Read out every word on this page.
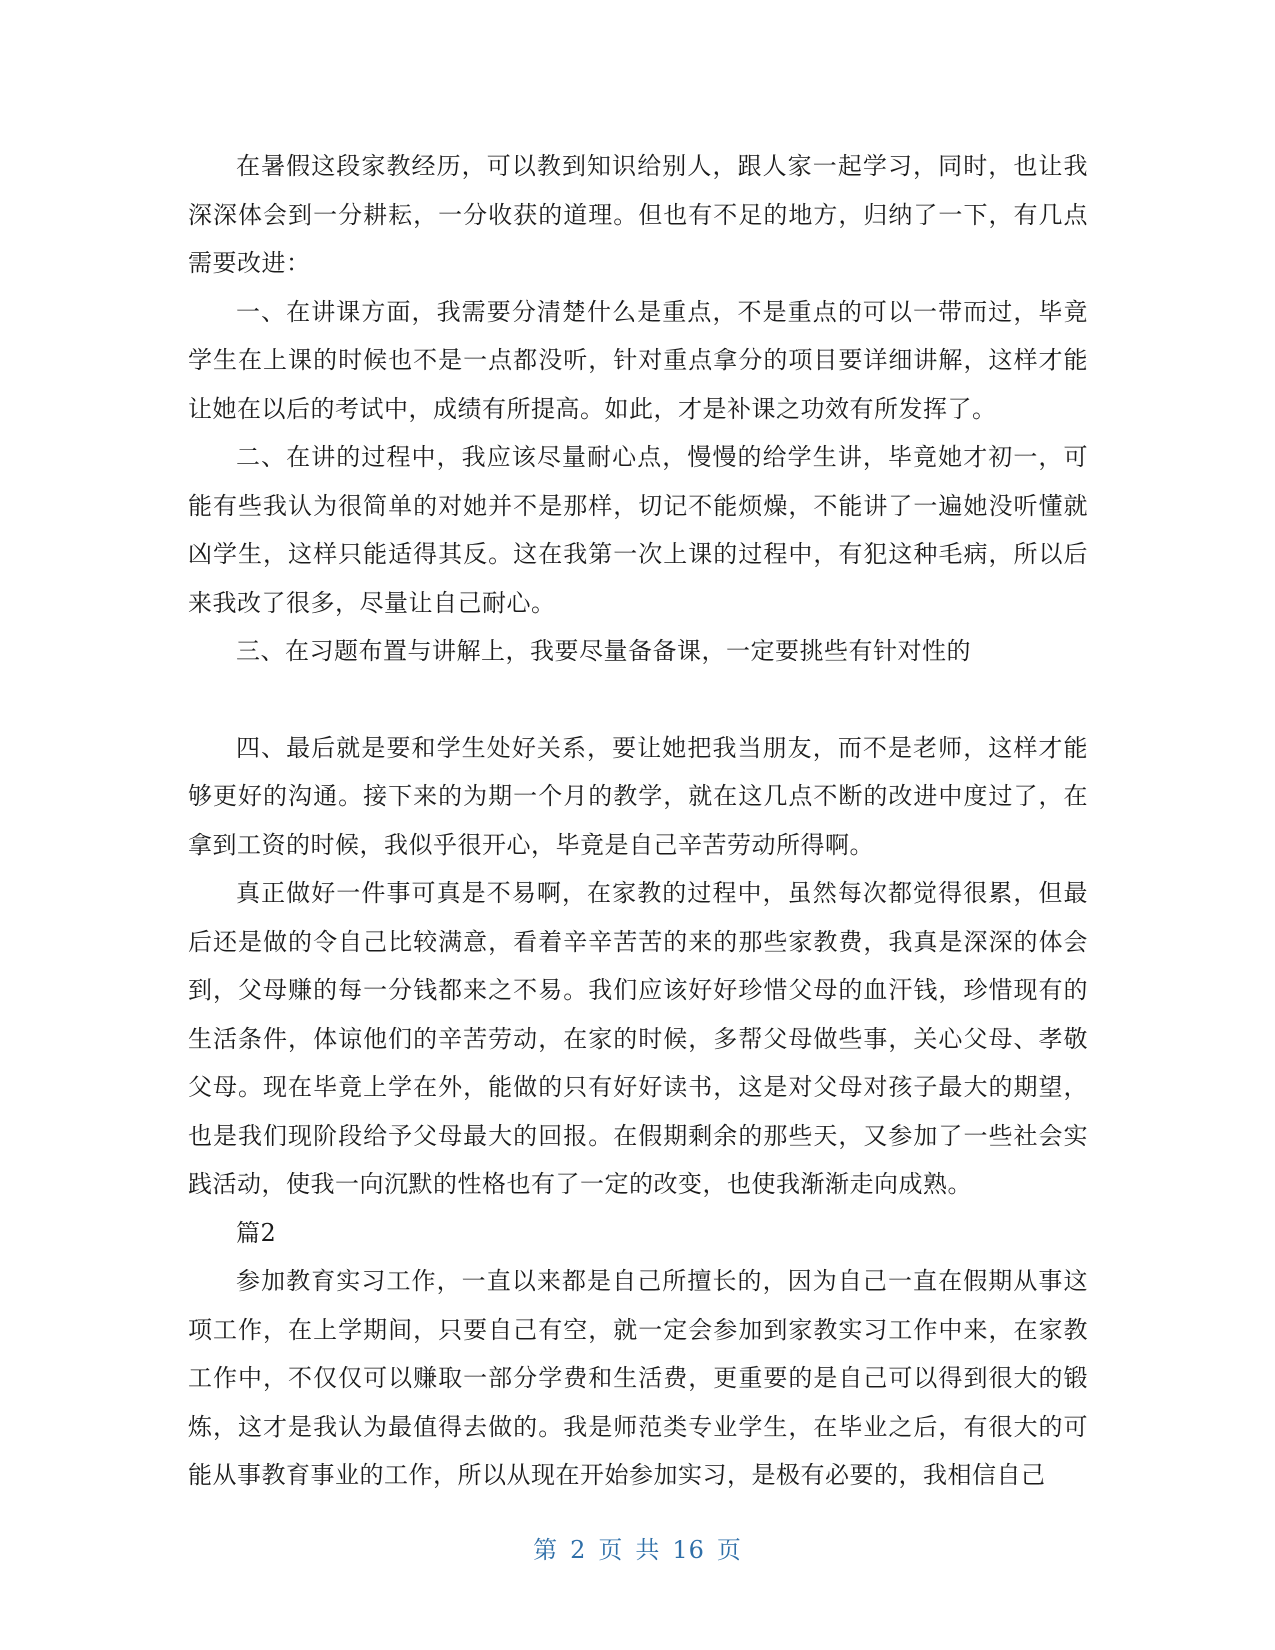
在暑假这段家教经历，可以教到知识给别人，跟人家一起学习，同时，也让我深深体会到一分耕耘，一分收获的道理。但也有不足的地方，归纳了一下，有几点需要改进：

一、在讲课方面，我需要分清楚什么是重点，不是重点的可以一带而过，毕竟学生在上课的时候也不是一点都没听，针对重点拿分的项目要详细讲解，这样才能让她在以后的考试中，成绩有所提高。如此，才是补课之功效有所发挥了。

二、在讲的过程中，我应该尽量耐心点，慢慢的给学生讲，毕竟她才初一，可能有些我认为很简单的对她并不是那样，切记不能烦燥，不能讲了一遍她没听懂就凶学生，这样只能适得其反。这在我第一次上课的过程中，有犯这种毛病，所以后来我改了很多，尽量让自己耐心。

三、在习题布置与讲解上，我要尽量备备课，一定要挑些有针对性的

四、最后就是要和学生处好关系，要让她把我当朋友，而不是老师，这样才能够更好的沟通。接下来的为期一个月的教学，就在这几点不断的改进中度过了，在拿到工资的时候，我似乎很开心，毕竟是自己辛苦劳动所得啊。

真正做好一件事可真是不易啊，在家教的过程中，虽然每次都觉得很累，但最后还是做的令自己比较满意，看着辛辛苦苦的来的那些家教费，我真是深深的体会到，父母赚的每一分钱都来之不易。我们应该好好珍惜父母的血汗钱，珍惜现有的生活条件，体谅他们的辛苦劳动，在家的时候，多帮父母做些事，关心父母、孝敬父母。现在毕竟上学在外，能做的只有好好读书，这是对父母对孩子最大的期望，也是我们现阶段给予父母最大的回报。在假期剩余的那些天，又参加了一些社会实践活动，使我一向沉默的性格也有了一定的改变，也使我渐渐走向成熟。

篇2

参加教育实习工作，一直以来都是自己所擅长的，因为自己一直在假期从事这项工作，在上学期间，只要自己有空，就一定会参加到家教实习工作中来，在家教工作中，不仅仅可以赚取一部分学费和生活费，更重要的是自己可以得到很大的锻炼，这才是我认为最值得去做的。我是师范类专业学生，在毕业之后，有很大的可能从事教育事业的工作，所以从现在开始参加实习，是极有必要的，我相信自己

第 2 页 共 16 页
